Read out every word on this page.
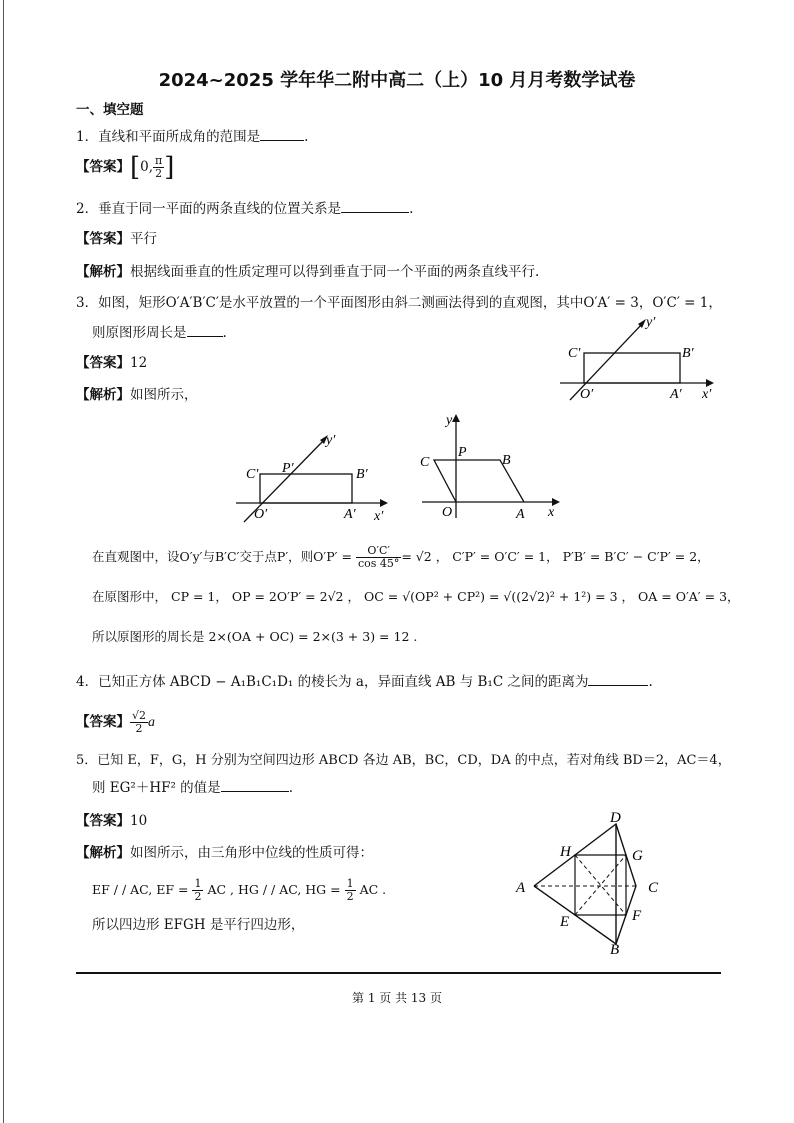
2024~2025 学年华二附中高二（上）10 月月考数学试卷
一、填空题
1．直线和平面所成角的范围是	.
【答案】[0, $\frac{\pi}{2}$ ]
2．垂直于同一平面的两条直线的位置关系是	.
【答案】平行
【解析】根据线面垂直的性质定理可以得到垂直于同一个平面的两条直线平行.
3．如图，矩形O′A′B′C′是水平放置的一个平面图形由斜二测画法得到的直观图，其中O′A′ = 3，O′C′ = 1，
则原图形周长是	.
【答案】12
【解析】如图所示，
C′	B′
O′	A′ x′
y′
C′ P′	B′
O′	A′ x′
y′
C
P
B
O	A x
y
在直观图中，设O′y′与B′C′交于点P′，则$O'P' = \frac{O'C'}{\cos 45^\circ} = √2$ ， C′P′ = O′C′ = 1， P′B′ = B′C′ − C′P′ = 2，
在原图形中， CP = 1， OP = 2O′P′ = 2√2 ， OC = √(OP² + CP²) = √((2√2)² + 1²) = 3 ， OA = O′A′ = 3，
所以原图形的周长是 2×(OA + OC) = 2×(3 + 3) = 12 .
4．已知正方体 ABCD − A₁B₁C₁D₁ 的棱长为 a，异面直线 AB 与 B₁C 之间的距离为	.
【答案】 $\frac{√2}{2}$ a
5．已知 E，F，G，H 分别为空间四边形 ABCD 各边 AB，BC，CD，DA 的中点，若对角线 BD＝2，AC＝4，
则 EG²＋HF² 的值是	.
【答案】10
【解析】如图所示，由三角形中位线的性质可得：
EF / / AC, EF = $\frac{1}{2}$ AC , HG / / AC, HG = $\frac{1}{2}$ AC .
所以四边形 EFGH 是平行四边形，
D
H	G
A	C
E	F
B
第 1 页 共 13 页
